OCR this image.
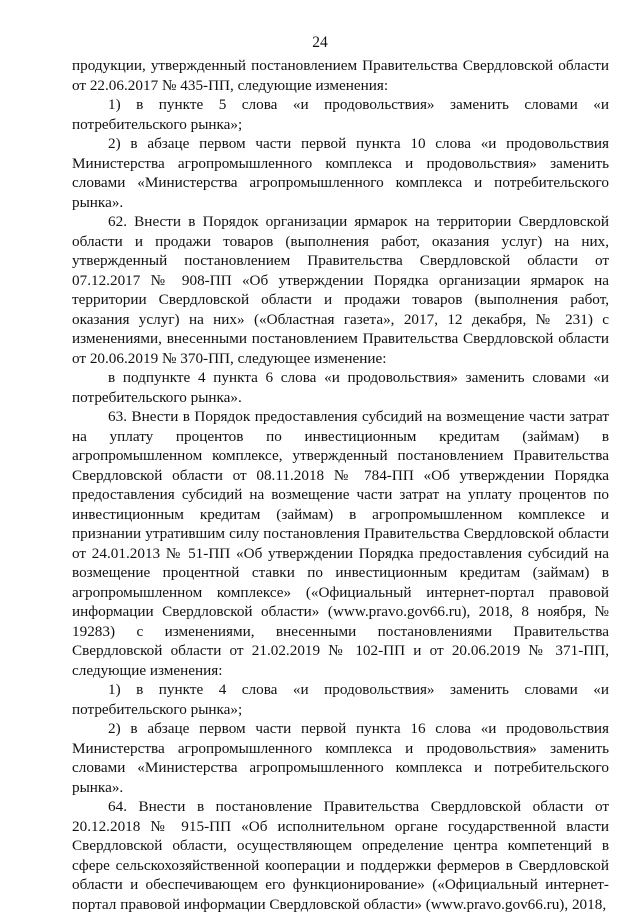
24

продукции, утвержденный постановлением Правительства Свердловской области от 22.06.2017 № 435-ПП, следующие изменения:

1) в пункте 5 слова «и продовольствия» заменить словами «и потребительского рынка»;

2) в абзаце первом части первой пункта 10 слова «и продовольствия Министерства агропромышленного комплекса и продовольствия» заменить словами «Министерства агропромышленного комплекса и потребительского рынка».

62. Внести в Порядок организации ярмарок на территории Свердловской области и продажи товаров (выполнения работ, оказания услуг) на них, утвержденный постановлением Правительства Свердловской области от 07.12.2017 № 908-ПП «Об утверждении Порядка организации ярмарок на территории Свердловской области и продажи товаров (выполнения работ, оказания услуг) на них» («Областная газета», 2017, 12 декабря, № 231) с изменениями, внесенными постановлением Правительства Свердловской области от 20.06.2019 № 370-ПП, следующее изменение:

в подпункте 4 пункта 6 слова «и продовольствия» заменить словами «и потребительского рынка».

63. Внести в Порядок предоставления субсидий на возмещение части затрат на уплату процентов по инвестиционным кредитам (займам) в агропромышленном комплексе, утвержденный постановлением Правительства Свердловской области от 08.11.2018 № 784-ПП «Об утверждении Порядка предоставления субсидий на возмещение части затрат на уплату процентов по инвестиционным кредитам (займам) в агропромышленном комплексе и признании утратившим силу постановления Правительства Свердловской области от 24.01.2013 № 51-ПП «Об утверждении Порядка предоставления субсидий на возмещение процентной ставки по инвестиционным кредитам (займам) в агропромышленном комплексе» («Официальный интернет-портал правовой информации Свердловской области» (www.pravo.gov66.ru), 2018, 8 ноября, № 19283) с изменениями, внесенными постановлениями Правительства Свердловской области от 21.02.2019 № 102-ПП и от 20.06.2019 № 371-ПП, следующие изменения:

1) в пункте 4 слова «и продовольствия» заменить словами «и потребительского рынка»;

2) в абзаце первом части первой пункта 16 слова «и продовольствия Министерства агропромышленного комплекса и продовольствия» заменить словами «Министерства агропромышленного комплекса и потребительского рынка».

64. Внести в постановление Правительства Свердловской области от 20.12.2018 № 915-ПП «Об исполнительном органе государственной власти Свердловской области, осуществляющем определение центра компетенций в сфере сельскохозяйственной кооперации и поддержки фермеров в Свердловской области и обеспечивающем его функционирование» («Официальный интернет-портал правовой информации Свердловской области» (www.pravo.gov66.ru), 2018,
